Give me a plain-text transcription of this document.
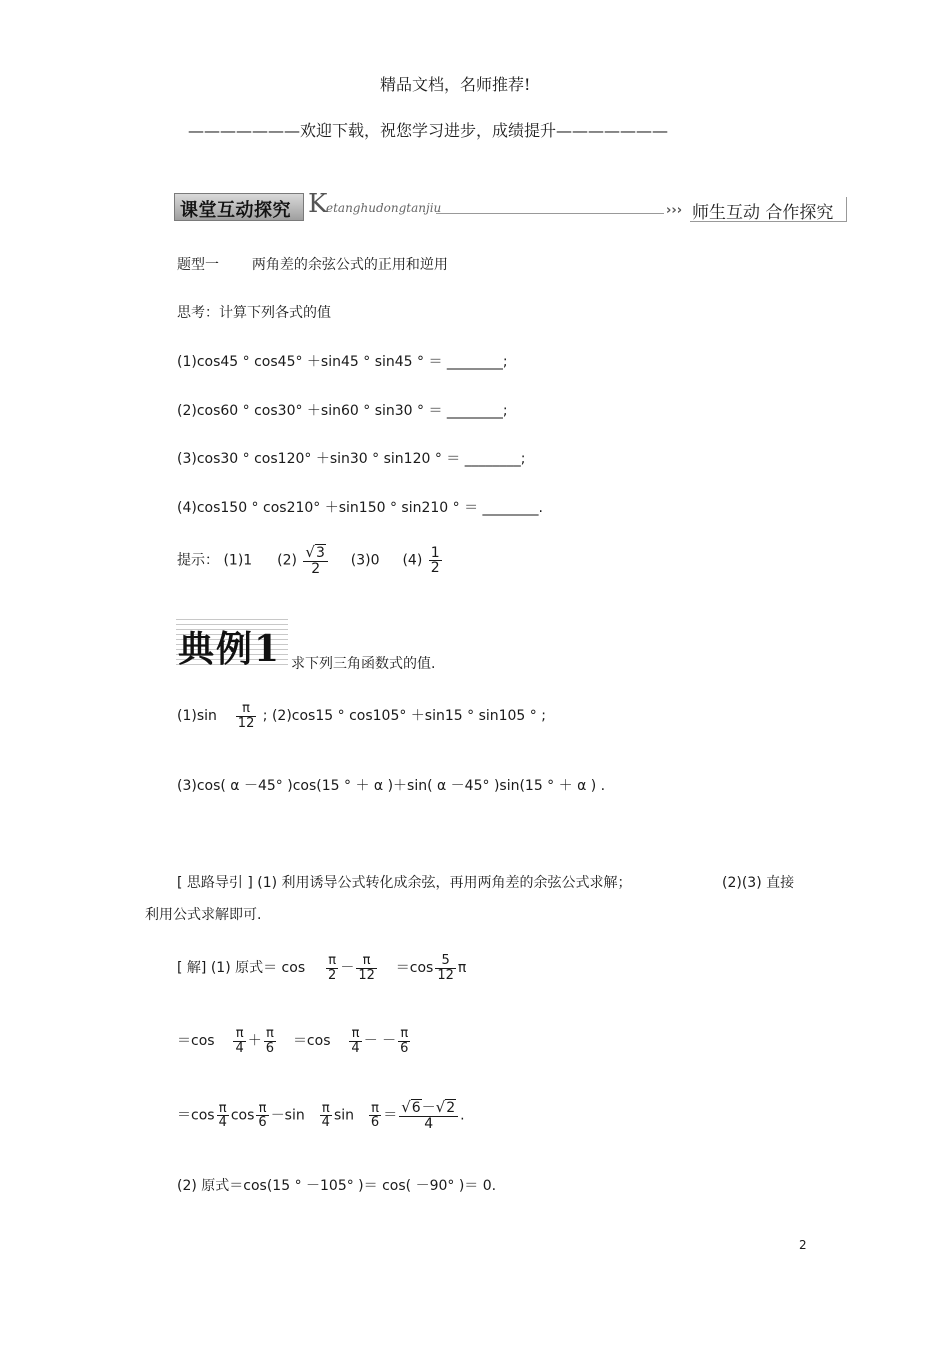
精品文档，名师推荐!
———————欢迎下载，祝您学习进步，成绩提升———————
课堂互动探究 K
etanghudongtanjiu	››› 师生互动 合作探究
题型一 两角差的余弦公式的正用和逆用
思考：计算下列各式的值
(1)cos45 ° cos45° ＋sin45 ° sin45 ° ＝ ________;
(2)cos60 ° cos30° ＋sin60 ° sin30 ° ＝ ________;
(3)cos30 ° cos120° ＋sin30 ° sin120 ° ＝ ________;
(4)cos150 ° cos210° ＋sin150 ° sin210 ° ＝ ________.
提示： (1)1 $(2) \frac{√3}{2} (3)0$ $(4) \frac{1}{2}$
典例1 求下列三角函数式的值.
$(1)\sin \frac{\pi}{12}$ ; (2)cos15 ° cos105° ＋sin15 ° sin105 ° ;
(3)cos( α －45° )cos(15 ° ＋ α )＋sin( α －45° )sin(15 ° ＋ α ) .
[ 思路导引 ] (1) 利用诱导公式转化成余弦，再用两角差的余弦公式求解；	(2)(3) 直接
利用公式求解即可.
[ 解] (1) 原式＝ $\cos \frac{\pi}{2} - \frac{\pi}{12} =\cos \frac{5}{12}$ π
$=\cos \frac{\pi}{4} + \frac{\pi}{6} =\cos \frac{\pi}{4}$ － － $\frac{\pi}{6}$
$=\cos \frac{\pi}{4}$ $\cos \frac{\pi}{6} -\sin \frac{\pi}{4}$ $\sin \frac{\pi}{6} = \frac{√6-√2}{4}$ .
(2) 原式＝cos(15 ° －105° )＝ cos( －90° )＝ 0.
2
